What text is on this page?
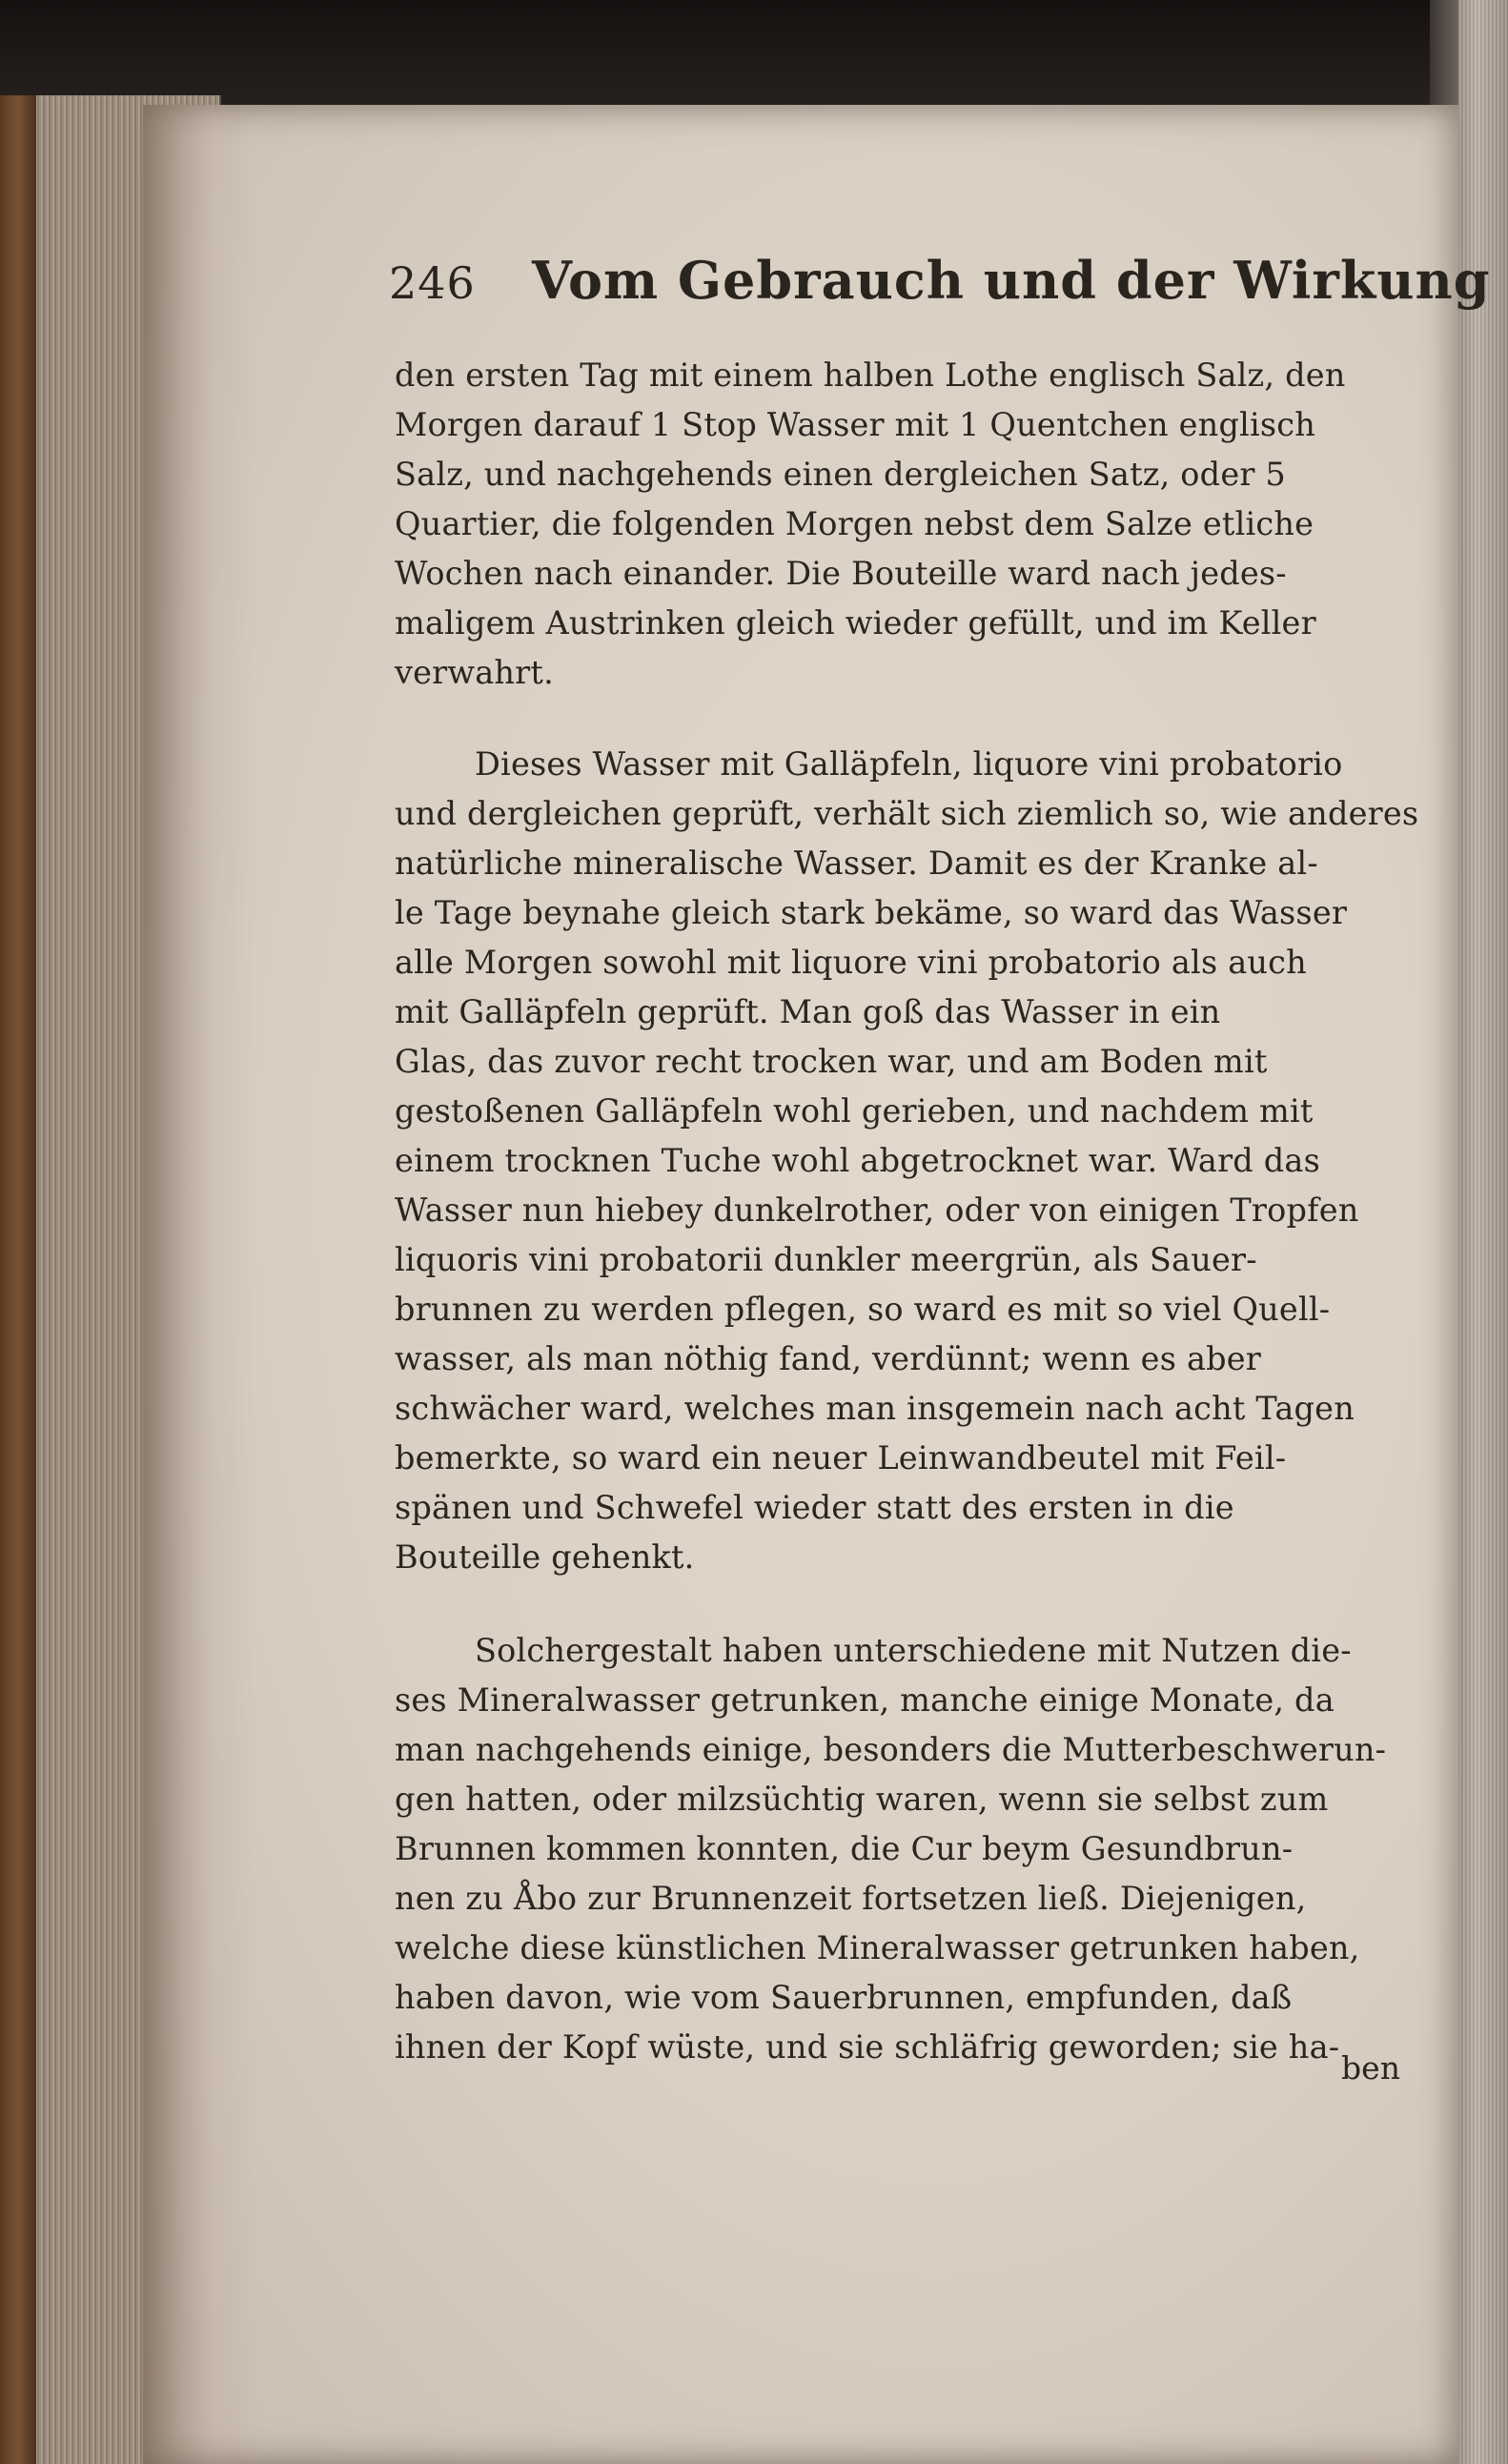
246 Vom Gebrauch und der Wirkung
den ersten Tag mit einem halben Lothe englisch Salz, den
Morgen darauf 1 Stop Wasser mit 1 Quentchen englisch
Salz, und nachgehends einen dergleichen Satz, oder 5
Quartier, die folgenden Morgen nebst dem Salze etliche
Wochen nach einander. Die Bouteille ward nach jedes-
maligem Austrinken gleich wieder gefüllt, und im Keller
verwahrt.
Dieses Wasser mit Galläpfeln, liquore vini probatorio
und dergleichen geprüft, verhält sich ziemlich so, wie anderes
natürliche mineralische Wasser. Damit es der Kranke al-
le Tage beynahe gleich stark bekäme, so ward das Wasser
alle Morgen sowohl mit liquore vini probatorio als auch
mit Galläpfeln geprüft. Man goß das Wasser in ein
Glas, das zuvor recht trocken war, und am Boden mit
gestoßenen Galläpfeln wohl gerieben, und nachdem mit
einem trocknen Tuche wohl abgetrocknet war. Ward das
Wasser nun hiebey dunkelrother, oder von einigen Tropfen
liquoris vini probatorii dunkler meergrün, als Sauer-
brunnen zu werden pflegen, so ward es mit so viel Quell-
wasser, als man nöthig fand, verdünnt; wenn es aber
schwächer ward, welches man insgemein nach acht Tagen
bemerkte, so ward ein neuer Leinwandbeutel mit Feil-
spänen und Schwefel wieder statt des ersten in die
Bouteille gehenkt.
Solchergestalt haben unterschiedene mit Nutzen die-
ses Mineralwasser getrunken, manche einige Monate, da
man nachgehends einige, besonders die Mutterbeschwerun-
gen hatten, oder milzsüchtig waren, wenn sie selbst zum
Brunnen kommen konnten, die Cur beym Gesundbrun-
nen zu Åbo zur Brunnenzeit fortsetzen ließ. Diejenigen,
welche diese künstlichen Mineralwasser getrunken haben,
haben davon, wie vom Sauerbrunnen, empfunden, daß
ihnen der Kopf wüste, und sie schläfrig geworden; sie ha-
ben
